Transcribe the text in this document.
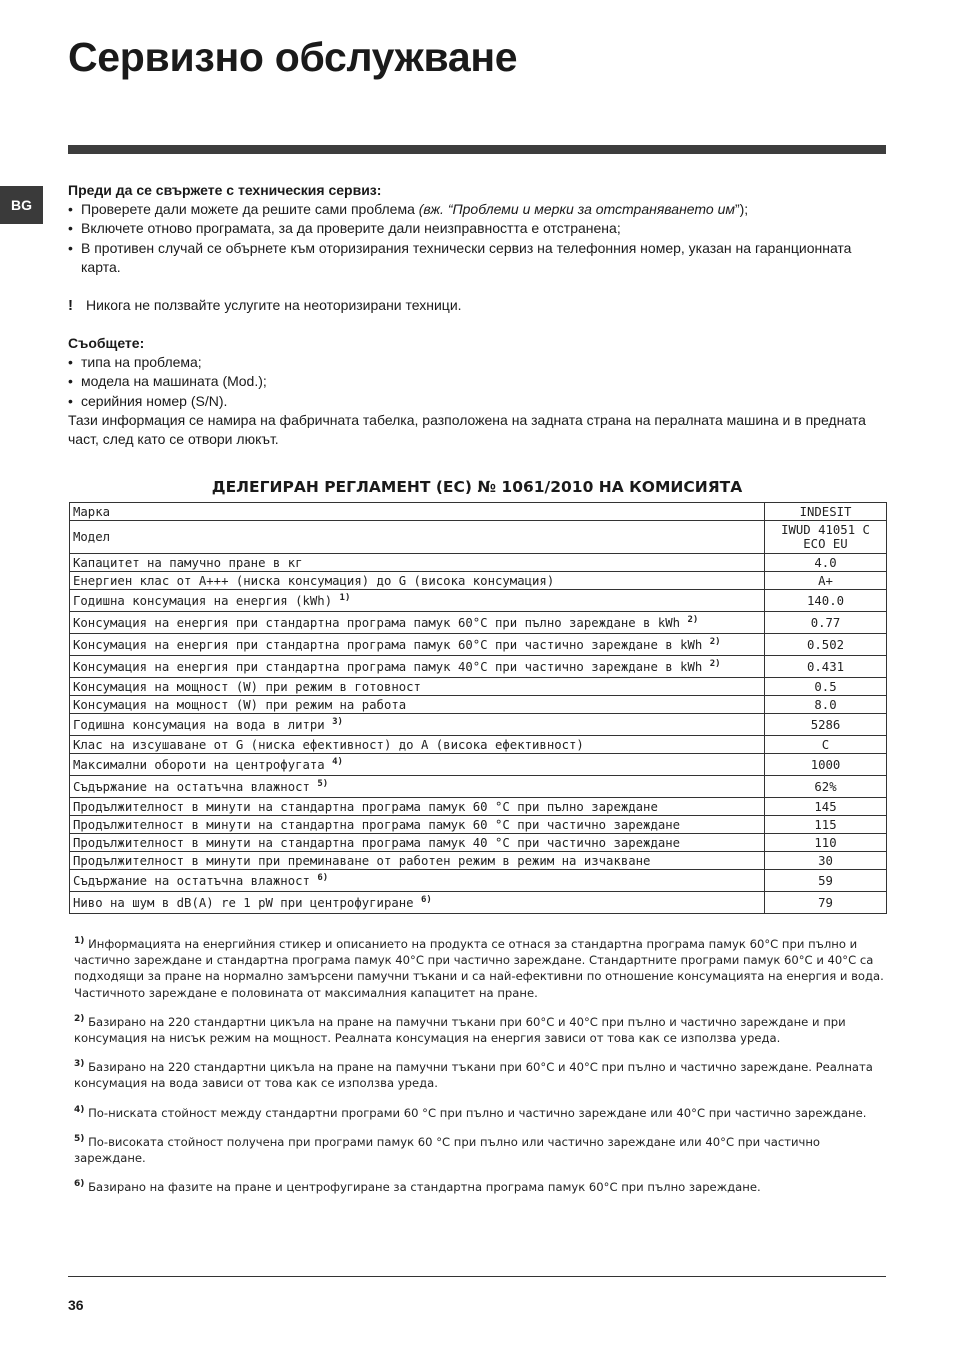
Сервизно обслужване
BG
Преди да се свържете с техническия сервиз:
• Проверете дали можете да решите сами проблема (вж. “Проблеми и мерки за отстраняването им”);
• Включете отново програмата, за да проверите дали неизправността е отстранена;
• В противен случай се обърнете към оторизирания технически сервиз на телефонния номер, указан на гаранционната карта.
! Никога не ползвайте услугите на неоторизирани техници.
Съобщете:
• типа на проблема;
• модела на машината (Mod.);
• серийния номер (S/N).
Тази информация се намира на фабричната табелка, разположена на задната страна на пералната машина и в предната част, след като се отвори люкът.
ДЕЛЕГИРАН РЕГЛАМЕНТ (ЕС) № 1061/2010 НА КОМИСИЯТА
Марка	INDESIT
Модел	IWUD 41051 C ECO EU
Капацитет на памучно пране в кг	4.0
Енергиен клас от A+++ (ниска консумация) до G (висока консумация)	A+
Годишна консумация на енергия (kWh) $^{1)}$	140.0
Консумация на енергия при стандартна програма памук 60°C при пълно зареждане в kWh $^{2)}$	0.77
Консумация на енергия при стандартна програма памук 60°C при частично зареждане в kWh $^{2)}$	0.502
Консумация на енергия при стандартна програма памук 40°C при частично зареждане в kWh $^{2)}$	0.431
Консумация на мощност (W) при режим в готовност	0.5
Консумация на мощност (W) при режим на работа	8.0
Годишна консумация на вода в литри $^{3)}$	5286
Клас на изсушаване от G (ниска ефективност) до A (висока ефективност)	C
Максимални обороти на центрофугата $^{4)}$	1000
Съдържание на остатъчна влажност $^{5)}$	62%
Продължителност в минути на стандартна програма памук 60 °C при пълно зареждане	145
Продължителност в минути на стандартна програма памук 60 °C при частично зареждане	115
Продължителност в минути на стандартна програма памук 40 °C при частично зареждане	110
Продължителност в минути при преминаване от работен режим в режим на изчакване	30
Съдържание на остатъчна влажност $^{6)}$	59
Ниво на шум в dB(A) re 1 pW при центрофугиране $^{6)}$	79
$^{1)}$ Информацията на енергийния стикер и описанието на продукта се отнася за стандартна програма памук 60°C при пълно и частично зареждане и стандартна програма памук 40°C при частично зареждане. Стандартните програми памук 60°C и 40°C са подходящи за пране на нормално замърсени памучни тъкани и са най-ефективни по отношение консумацията на енергия и вода. Частичното зареждане е половината от максималния капацитет на пране.
$^{2)}$ Базирано на 220 стандартни цикъла на пране на памучни тъкани при 60°C и 40°C при пълно и частично зареждане и при консумация на нисък режим на мощност. Реалната консумация на енергия зависи от това как се използва уреда.
$^{3)}$ Базирано на 220 стандартни цикъла на пране на памучни тъкани при 60°C и 40°C при пълно и частично зареждане. Реалната консумация на вода зависи от това как се използва уреда.
$^{4)}$ По-ниската стойност между стандартни програми 60 °C при пълно и частично зареждане или 40°C при частично зареждане.
$^{5)}$ По-високата стойност получена при програми памук 60 °C при пълно или частично зареждане или 40°C при частично зареждане.
$^{6)}$ Базирано на фазите на пране и центрофугиране за стандартна програма памук 60°C при пълно зареждане.
36
